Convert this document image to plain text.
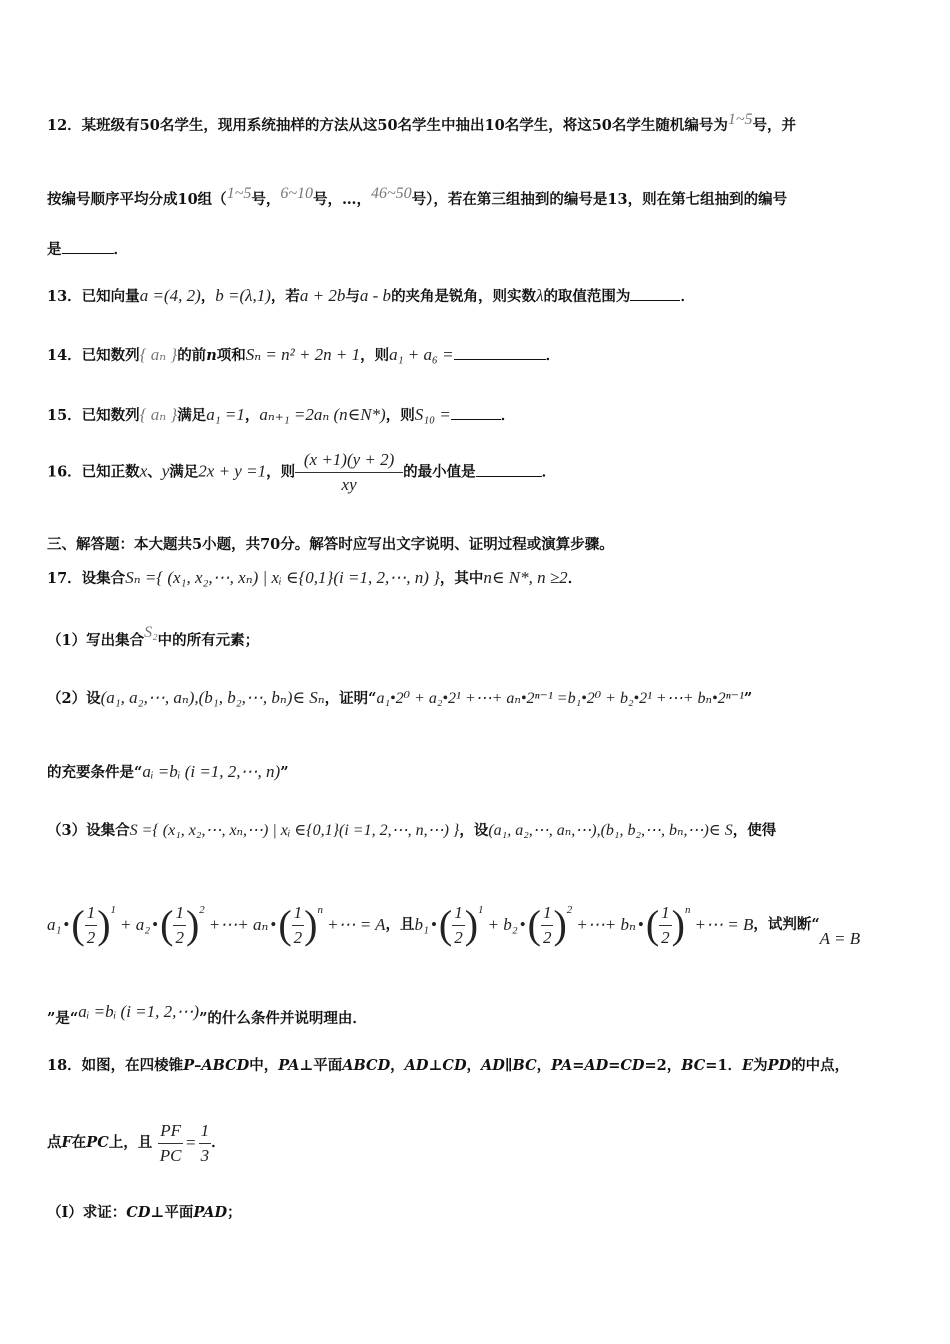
12．某班级有50名学生，现用系统抽样的方法从这50名学生中抽出10名学生，将这50名学生随机编号为1~5号，并
按编号顺序平均分成10组（1~5号，6~10号，…，46~50号），若在第三组抽到的编号是13，则在第七组抽到的编号
是	．
13．已知向量a =(4, 2)，b =(λ,1)，若a + 2b与a - b的夹角是锐角，则实数λ的取值范围为	．
14．已知数列{ aₙ }的前n项和Sₙ = n² + 2n + 1，则a₁ + a₆ =	．
15．已知数列{ aₙ }满足a₁ =1，aₙ₊₁ =2aₙ (n∈N*)，则S₁₀ =	．
16．已知正数x、y满足2x + y =1，则 $\frac{(x +1)(y + 2)}{xy}$ 的最小值是	．
三、解答题：本大题共5小题，共70分。解答时应写出文字说明、证明过程或演算步骤。
17．设集合Sₙ ={ (x₁, x₂,⋯, xₙ) | xᵢ ∈{0,1}(i =1, 2,⋯, n) }，其中n∈ N*, n ≥2．
（1）写出集合S₂中的所有元素；
（2）设(a₁, a₂,⋯, aₙ),(b₁, b₂,⋯, bₙ)∈ Sₙ，证明“a₁•2⁰ + a₂•2¹ +⋯+ aₙ•2ⁿ⁻¹ =b₁•2⁰ + b₂•2¹ +⋯+ bₙ•2ⁿ⁻¹”
的充要条件是“aᵢ =bᵢ (i =1, 2,⋯, n)”
（3）设集合S ={ (x₁, x₂,⋯, xₙ,⋯) | xᵢ ∈{0,1}(i =1, 2,⋯, n,⋯) }，设(a₁, a₂,⋯, aₙ,⋯),(b₁, b₂,⋯, bₙ,⋯)∈ S，使得
a₁ • ( $\frac{1}{2} )^1$
+ a₂ • ( $\frac{1}{2} )^2$
+⋯+ aₙ • ( $\frac{1}{2} )^n$
+⋯ = A ，且 b₁ • ( $\frac{1}{2} )^1$
+ b₂ • ( $\frac{1}{2} )^2$
+⋯+ bₙ • ( $\frac{1}{2} )^n$
+⋯ = B ，试判断“
A = B
”是“aᵢ =bᵢ (i =1, 2,⋯)”的什么条件并说明理由．
18．如图，在四棱锥P–ABCD中，PA⊥平面ABCD，AD⊥CD，AD∥BC，PA=AD=CD=2，BC=1．E为PD的中点，
点 F 在 PC 上，且 $\frac{PF}{PC} = \frac{1}{3}$ ．
（Ⅰ）求证：CD⊥平面PAD；
